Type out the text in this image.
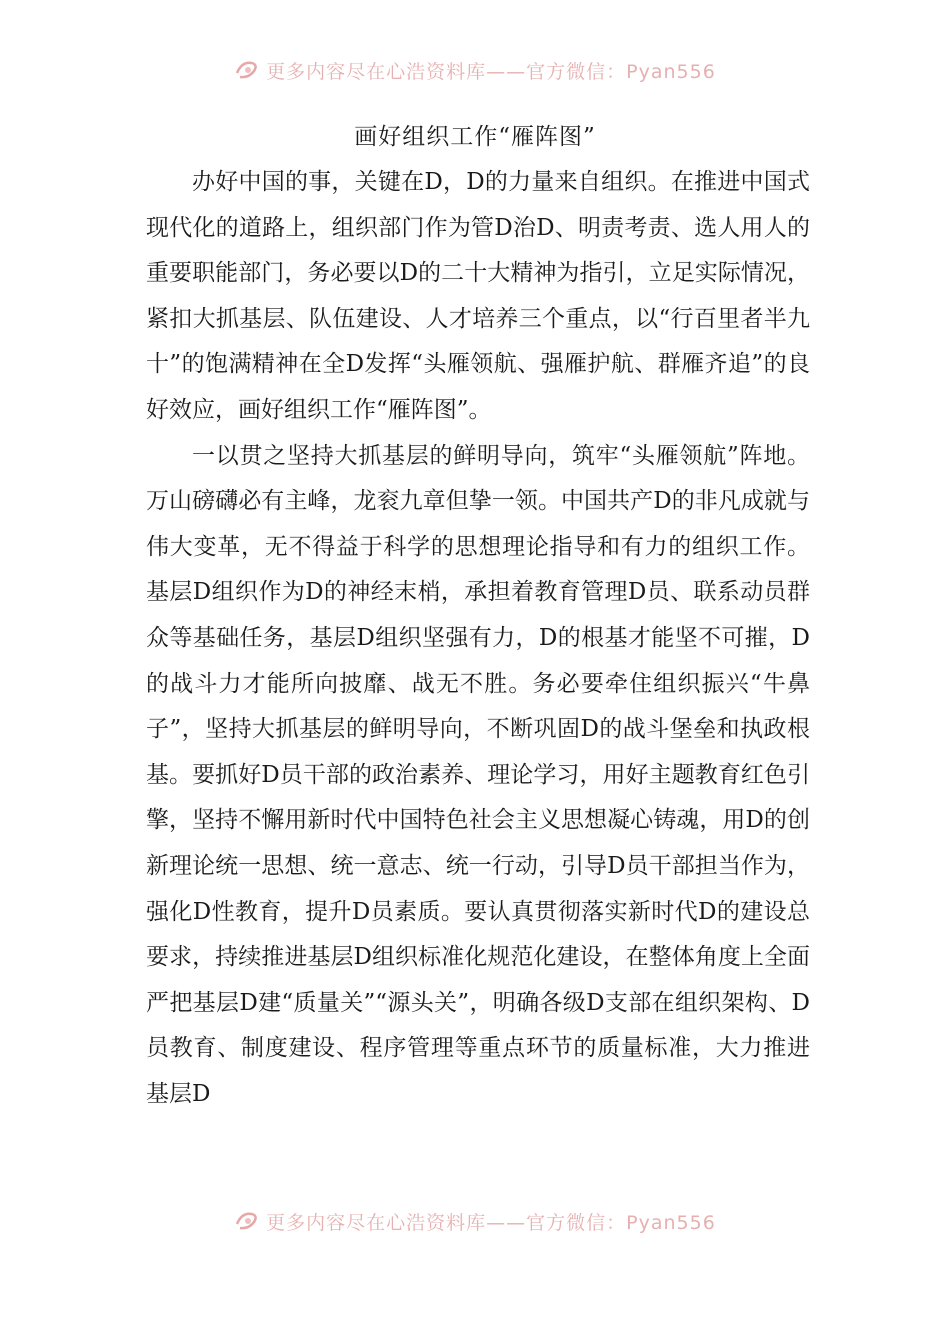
更多内容尽在心浩资料库——官方微信：Pyan556
画好组织工作“雁阵图”

办好中国的事，关键在D，D的力量来自组织。在推进中国式现代化的道路上，组织部门作为管D治D、明责考责、选人用人的重要职能部门，务必要以D的二十大精神为指引，立足实际情况，紧扣大抓基层、队伍建设、人才培养三个重点，以“行百里者半九十”的饱满精神在全D发挥“头雁领航、强雁护航、群雁齐追”的良好效应，画好组织工作“雁阵图”。

一以贯之坚持大抓基层的鲜明导向，筑牢“头雁领航”阵地。万山磅礴必有主峰，龙衮九章但挚一领。中国共产D的非凡成就与伟大变革，无不得益于科学的思想理论指导和有力的组织工作。基层D组织作为D的神经末梢，承担着教育管理D员、联系动员群众等基础任务，基层D组织坚强有力，D的根基才能坚不可摧，D的战斗力才能所向披靡、战无不胜。务必要牵住组织振兴“牛鼻子”，坚持大抓基层的鲜明导向，不断巩固D的战斗堡垒和执政根基。要抓好D员干部的政治素养、理论学习，用好主题教育红色引擎，坚持不懈用新时代中国特色社会主义思想凝心铸魂，用D的创新理论统一思想、统一意志、统一行动，引导D员干部担当作为，强化D性教育，提升D员素质。要认真贯彻落实新时代D的建设总要求，持续推进基层D组织标准化规范化建设，在整体角度上全面严把基层D建“质量关”“源头关”，明确各级D支部在组织架构、D员教育、制度建设、程序管理等重点环节的质量标准，大力推进基层D

更多内容尽在心浩资料库——官方微信：Pyan556
